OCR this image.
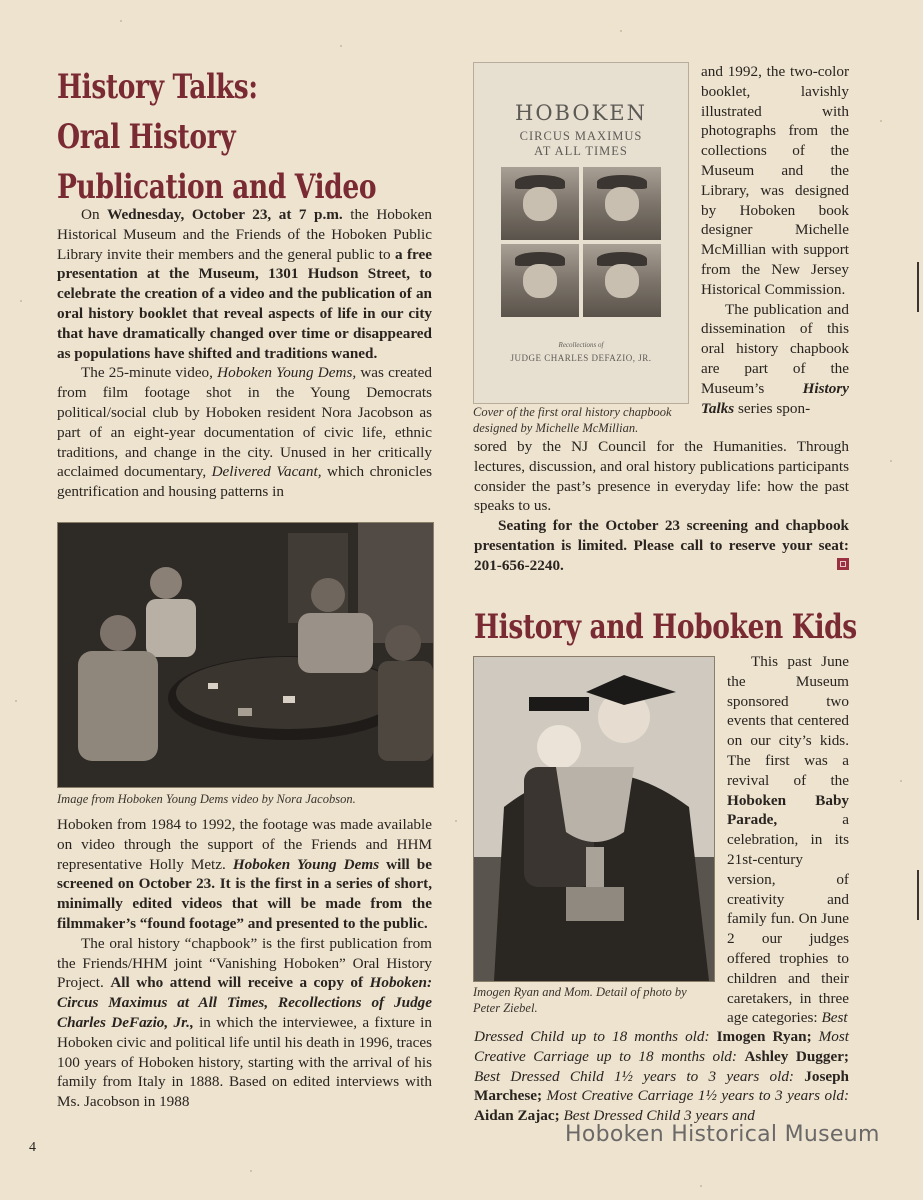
History Talks:
Oral History
Publication and Video

On Wednesday, October 23, at 7 p.m. the Hoboken Historical Museum and the Friends of the Hoboken Public Library invite their members and the general public to a free presentation at the Museum, 1301 Hudson Street, to celebrate the creation of a video and the publication of an oral history booklet that reveal aspects of life in our city that have dramatically changed over time or disappeared as populations have shifted and traditions waned.

The 25-minute video, Hoboken Young Dems, was created from film footage shot in the Young Democrats political/social club by Hoboken resident Nora Jacobson as part of an eight-year documentation of civic life, ethnic traditions, and change in the city. Unused in her critically acclaimed documentary, Delivered Vacant, which chronicles gentrification and housing patterns in

Image from Hoboken Young Dems video by Nora Jacobson.

Hoboken from 1984 to 1992, the footage was made available on video through the support of the Friends and HHM representative Holly Metz. Hoboken Young Dems will be screened on October 23. It is the first in a series of short, minimally edited videos that will be made from the filmmaker’s “found footage” and presented to the public.

The oral history “chapbook” is the first publication from the Friends/HHM joint “Vanishing Hoboken” Oral History Project. All who attend will receive a copy of Hoboken: Circus Maximus at All Times, Recollections of Judge Charles DeFazio, Jr., in which the interviewee, a fixture in Hoboken civic and political life until his death in 1996, traces 100 years of Hoboken history, starting with the arrival of his family from Italy in 1888. Based on edited interviews with Ms. Jacobson in 1988

HOBOKEN
CIRCUS MAXIMUS
AT ALL TIMES
Recollections of
JUDGE CHARLES DEFAZIO, JR.
Cover of the first oral history chapbook designed by Michelle McMillian.

and 1992, the two-color booklet, lavishly illustrated with photographs from the collections of the Museum and the Library, was designed by Hoboken book designer Michelle McMillian with support from the New Jersey Historical Commission.

The publication and dissemination of this oral history chapbook are part of the Museum’s History Talks series spon-

sored by the NJ Council for the Humanities. Through lectures, discussion, and oral history publications participants consider the past’s presence in everyday life: how the past speaks to us.

Seating for the October 23 screening and chapbook presentation is limited. Please call to reserve your seat: 201-656-2240.

History and Hoboken Kids
Imogen Ryan and Mom. Detail of photo by Peter Ziebel.

This past June the Museum sponsored two events that centered on our city’s kids. The first was a revival of the Hoboken Baby Parade, a celebration, in its 21st-century version, of creativity and family fun. On June 2 our judges offered trophies to children and their caretakers, in three age categories: Best

Dressed Child up to 18 months old: Imogen Ryan; Most Creative Carriage up to 18 months old: Ashley Dugger; Best Dressed Child 1½ years to 3 years old: Joseph Marchese; Most Creative Carriage 1½ years to 3 years old: Aidan Zajac; Best Dressed Child 3 years and

4
Hoboken Historical Museum
